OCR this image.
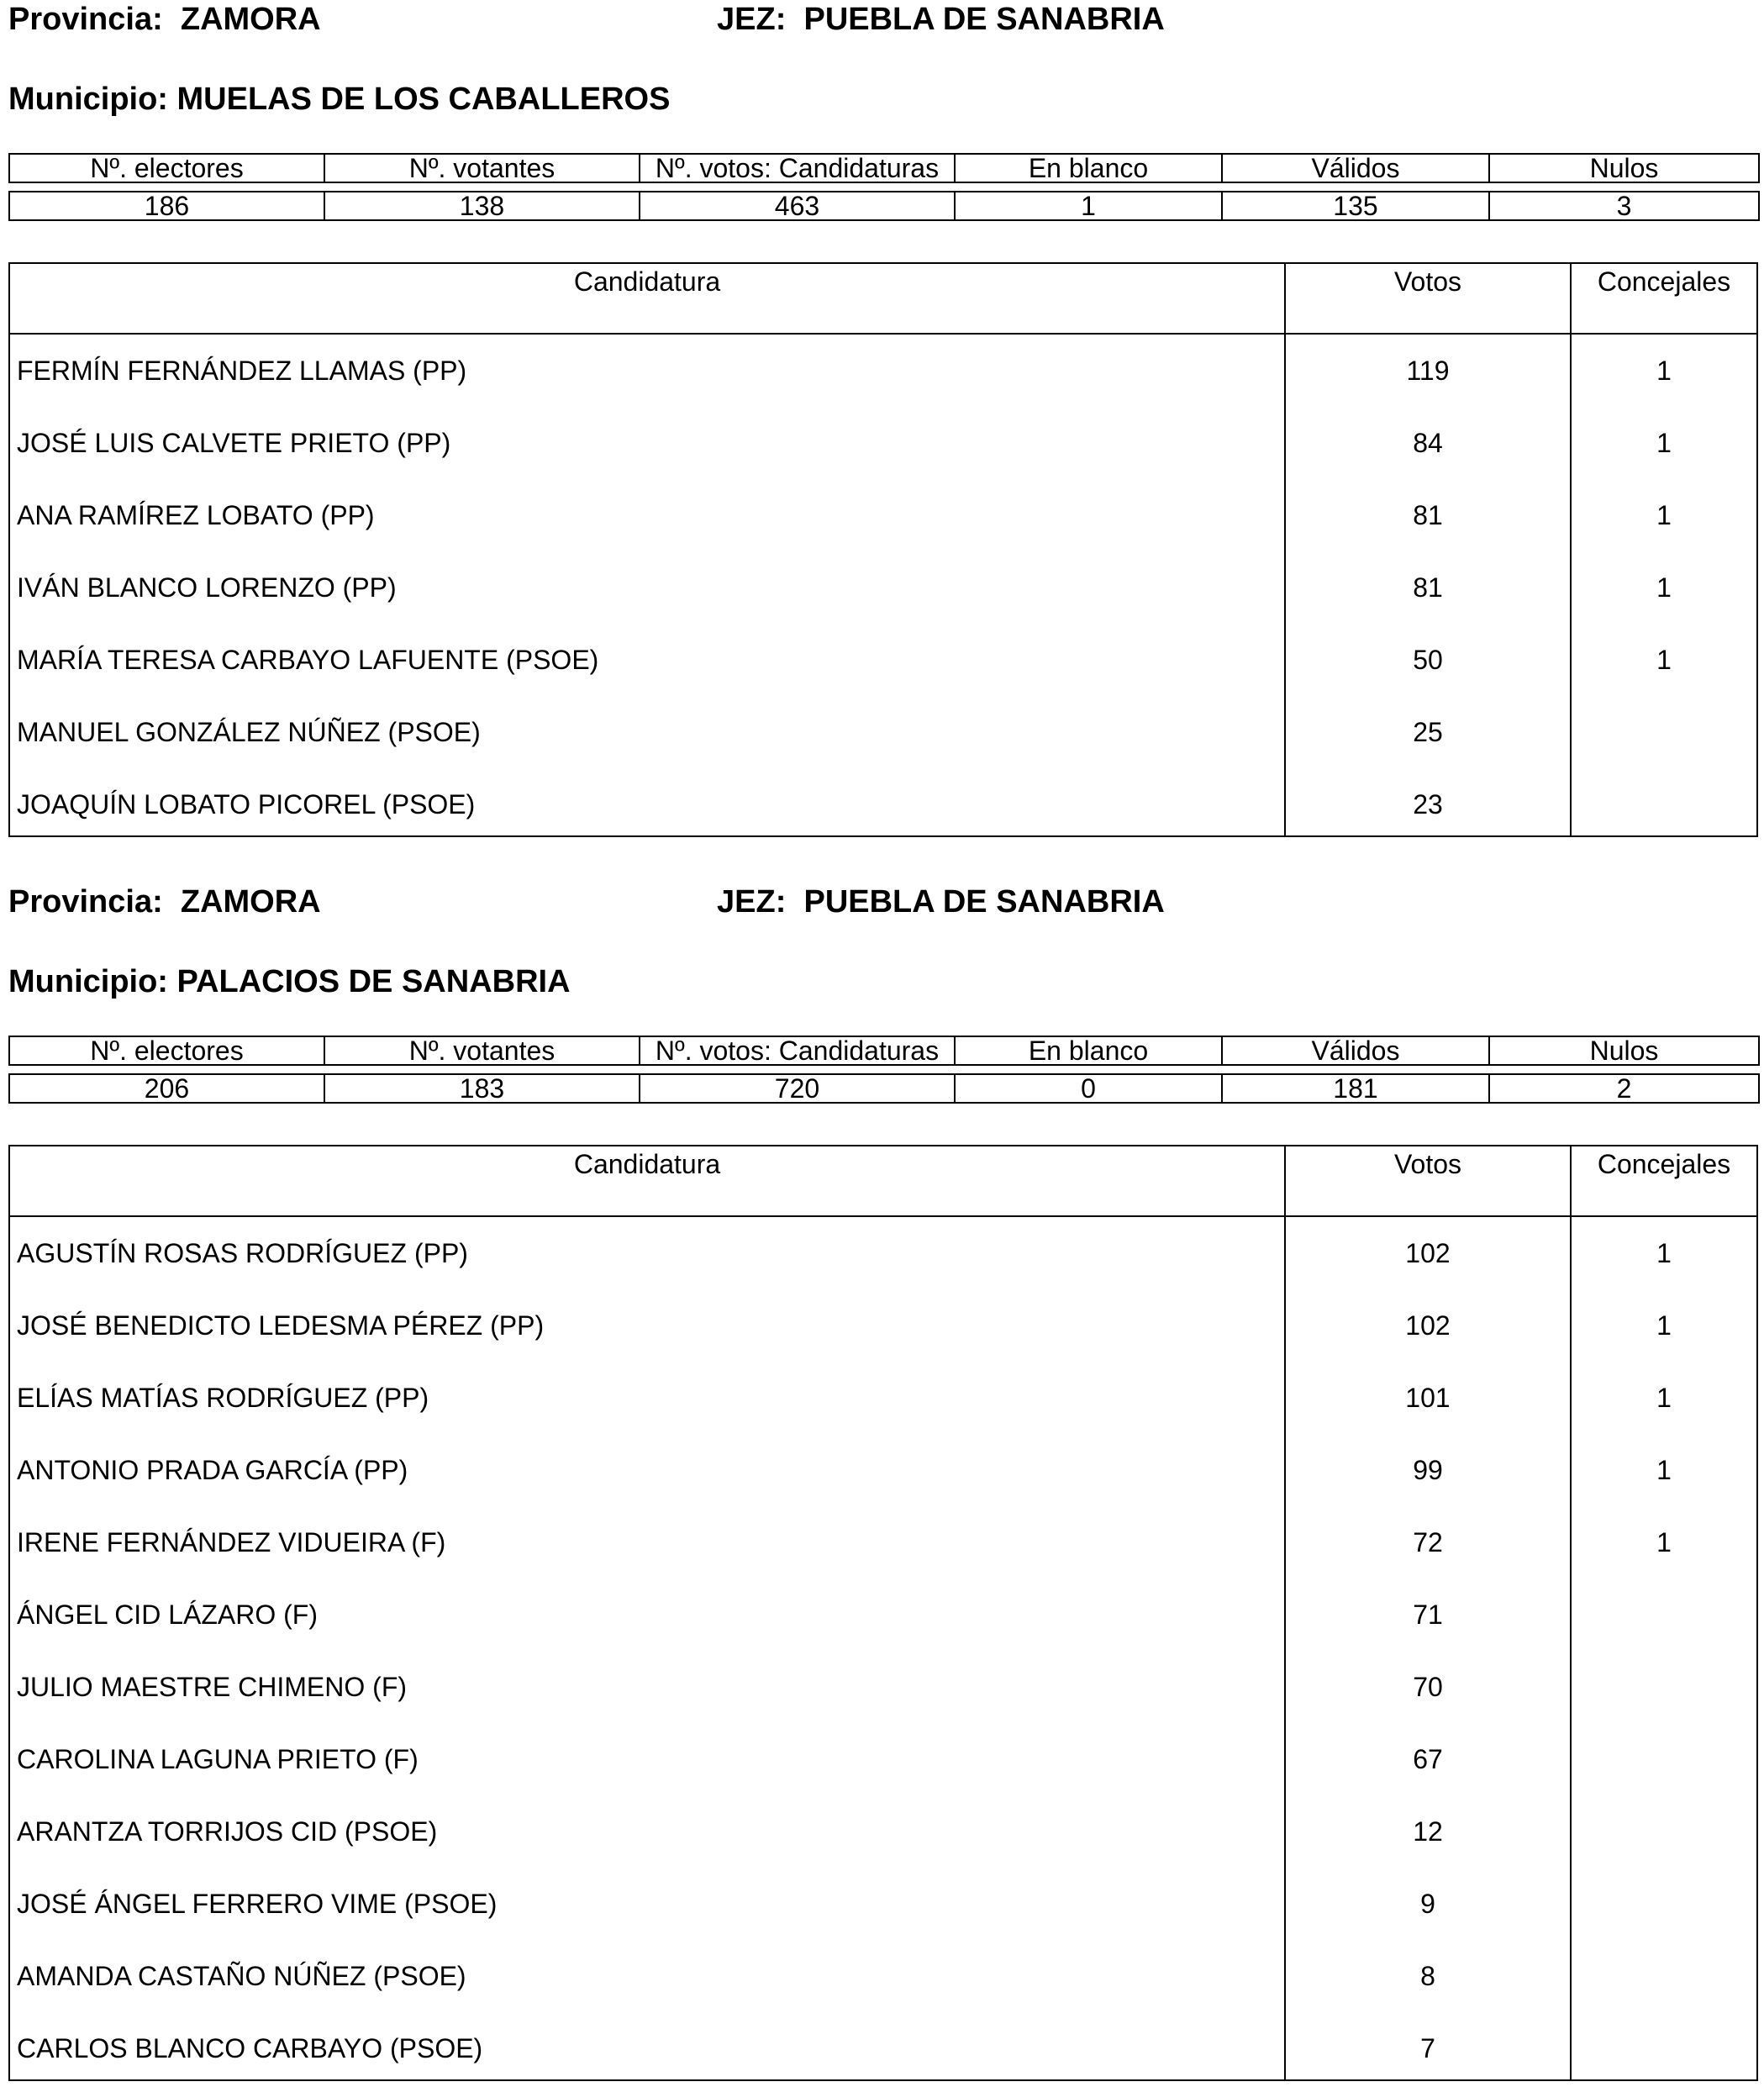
Provincia: ZAMORA	JEZ: PUEBLA DE SANABRIA
Municipio: MUELAS DE LOS CABALLEROS
Nº. electores	Nº. votantes	Nº. votos: Candidaturas	En blanco	Válidos	Nulos

186	138	463	1	135	3
Candidatura	Votos	Concejales
FERMÍN FERNÁNDEZ LLAMAS (PP)	119	1
JOSÉ LUIS CALVETE PRIETO (PP)	84	1
ANA RAMÍREZ LOBATO (PP)	81	1
IVÁN BLANCO LORENZO (PP)	81	1
MARÍA TERESA CARBAYO LAFUENTE (PSOE)	50	1
MANUEL GONZÁLEZ NÚÑEZ (PSOE)	25
JOAQUÍN LOBATO PICOREL (PSOE)	23
Provincia: ZAMORA	JEZ: PUEBLA DE SANABRIA
Municipio: PALACIOS DE SANABRIA
Nº. electores	Nº. votantes	Nº. votos: Candidaturas	En blanco	Válidos	Nulos

206	183	720	0	181	2
Candidatura	Votos	Concejales
AGUSTÍN ROSAS RODRÍGUEZ (PP)	102	1
JOSÉ BENEDICTO LEDESMA PÉREZ (PP)	102	1
ELÍAS MATÍAS RODRÍGUEZ (PP)	101	1
ANTONIO PRADA GARCÍA (PP)	99	1
IRENE FERNÁNDEZ VIDUEIRA (F)	72	1
ÁNGEL CID LÁZARO (F)	71
JULIO MAESTRE CHIMENO (F)	70
CAROLINA LAGUNA PRIETO (F)	67
ARANTZA TORRIJOS CID (PSOE)	12
JOSÉ ÁNGEL FERRERO VIME (PSOE)	9
AMANDA CASTAÑO NÚÑEZ (PSOE)	8
CARLOS BLANCO CARBAYO (PSOE)	7
